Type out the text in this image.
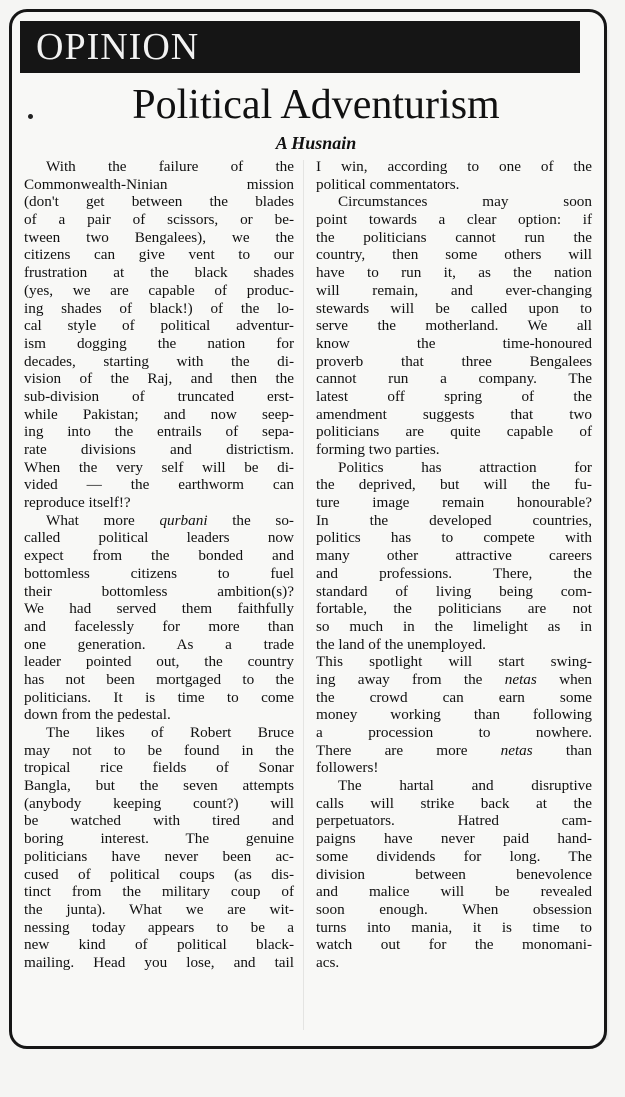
OPINION
Political Adventurism
A Husnain
With the failure of the
Commonwealth-Ninian mission
(don't get between the blades
of a pair of scissors, or be-
tween two Bengalees), we the
citizens can give vent to our
frustration at the black shades
(yes, we are capable of produc-
ing shades of black!) of the lo-
cal style of political adventur-
ism dogging the nation for
decades, starting with the di-
vision of the Raj, and then the
sub-division of truncated erst-
while Pakistan; and now seep-
ing into the entrails of sepa-
rate divisions and districtism.
When the very self will be di-
vided — the earthworm can
reproduce itself!?
What more qurbani the so-
called political leaders now
expect from the bonded and
bottomless citizens to fuel
their bottomless ambition(s)?
We had served them faithfully
and facelessly for more than
one generation. As a trade
leader pointed out, the country
has not been mortgaged to the
politicians. It is time to come
down from the pedestal.
The likes of Robert Bruce
may not to be found in the
tropical rice fields of Sonar
Bangla, but the seven attempts
(anybody keeping count?) will
be watched with tired and
boring interest. The genuine
politicians have never been ac-
cused of political coups (as dis-
tinct from the military coup of
the junta). What we are wit-
nessing today appears to be a
new kind of political black-
mailing. Head you lose, and tail
I win, according to one of the
political commentators.
Circumstances may soon
point towards a clear option: if
the politicians cannot run the
country, then some others will
have to run it, as the nation
will remain, and ever-changing
stewards will be called upon to
serve the motherland. We all
know the time-honoured
proverb that three Bengalees
cannot run a company. The
latest off spring of the
amendment suggests that two
politicians are quite capable of
forming two parties.
Politics has attraction for
the deprived, but will the fu-
ture image remain honourable?
In the developed countries,
politics has to compete with
many other attractive careers
and professions. There, the
standard of living being com-
fortable, the politicians are not
so much in the limelight as in
the land of the unemployed.
This spotlight will start swing-
ing away from the netas when
the crowd can earn some
money working than following
a procession to nowhere.
There are more netas than
followers!
The hartal and disruptive
calls will strike back at the
perpetuators. Hatred cam-
paigns have never paid hand-
some dividends for long. The
division between benevolence
and malice will be revealed
soon enough. When obsession
turns into mania, it is time to
watch out for the monomani-
acs.
